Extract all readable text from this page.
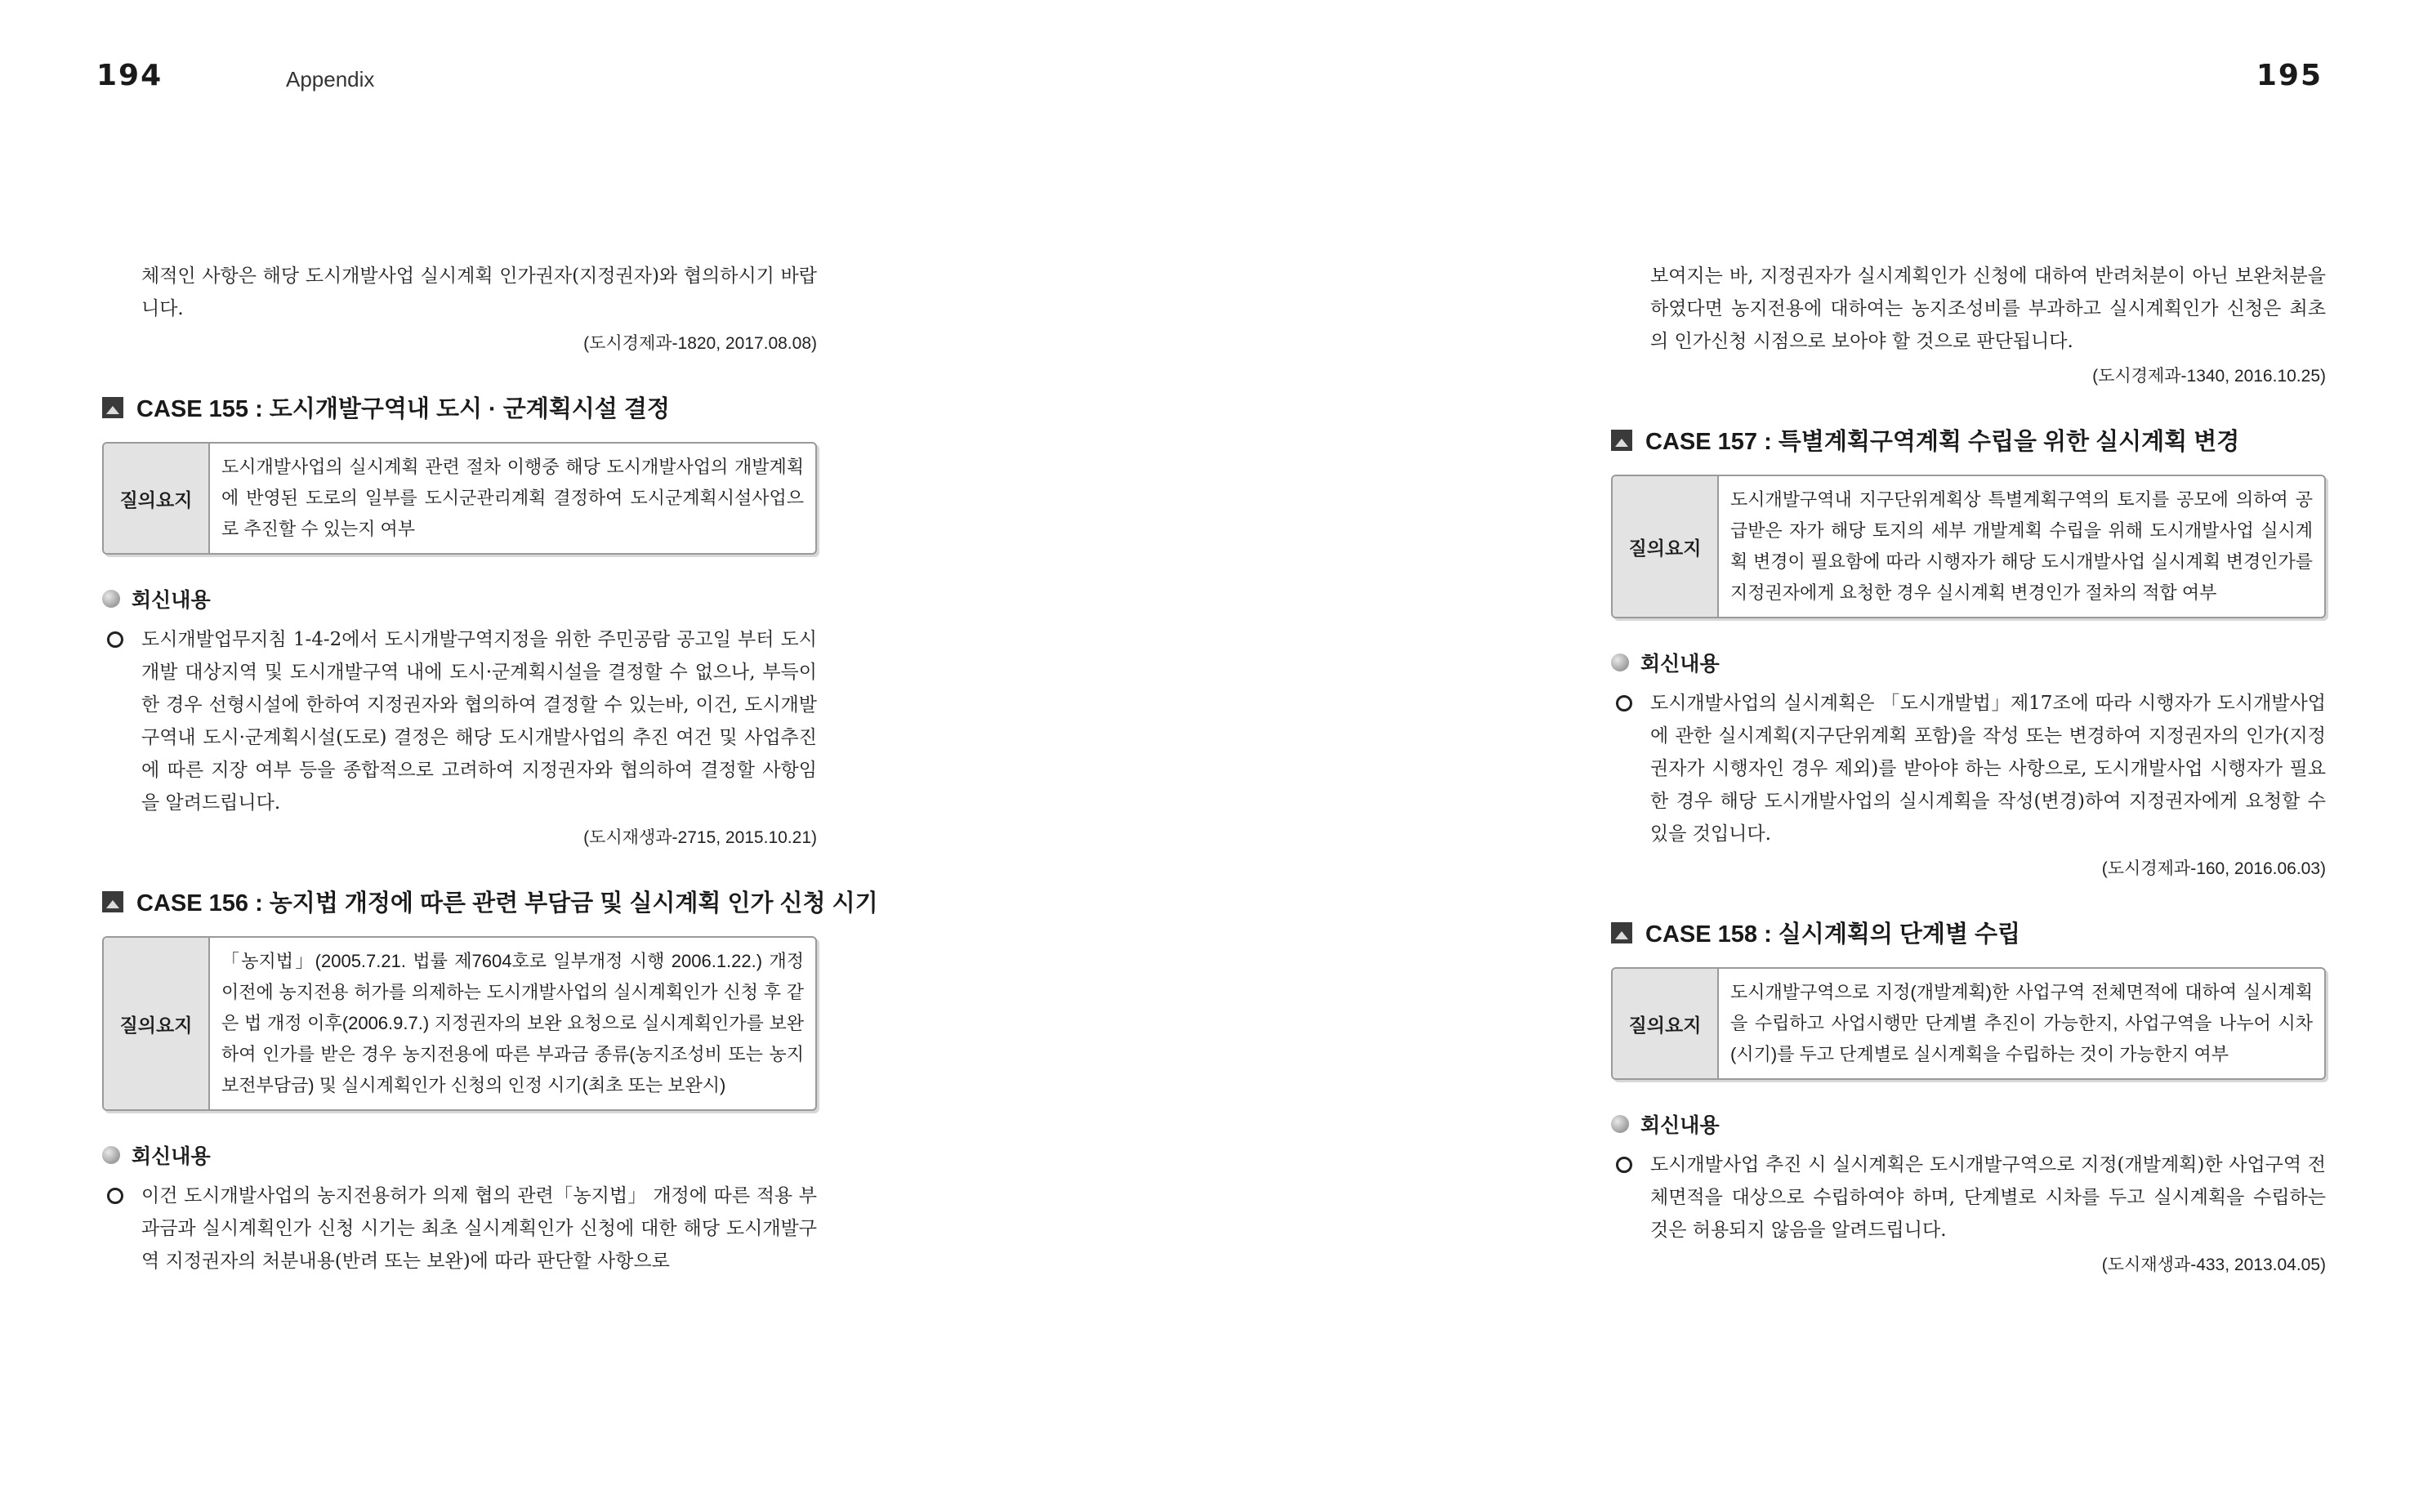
194	Appendix

체적인 사항은 해당 도시개발사업 실시계획 인가권자(지정권자)와 협의하시기 바랍니다.

(도시경제과-1820, 2017.08.08)

CASE 155 : 도시개발구역내 도시 · 군계획시설 결정
질의요지
도시개발사업의 실시계획 관련 절차 이행중 해당 도시개발사업의 개발계획에 반영된 도로의 일부를 도시군관리계획 결정하여 도시군계획시설사업으로 추진할 수 있는지 여부
회신내용
도시개발업무지침 1-4-2에서 도시개발구역지정을 위한 주민공람 공고일 부터 도시개발 대상지역 및 도시개발구역 내에 도시·군계획시설을 결정할 수 없으나, 부득이한 경우 선형시설에 한하여 지정권자와 협의하여 결정할 수 있는바, 이건, 도시개발구역내 도시·군계획시설(도로) 결정은 해당 도시개발사업의 추진 여건 및 사업추진에 따른 지장 여부 등을 종합적으로 고려하여 지정권자와 협의하여 결정할 사항임을 알려드립니다.

(도시재생과-2715, 2015.10.21)

CASE 156 : 농지법 개정에 따른 관련 부담금 및 실시계획 인가 신청 시기
질의요지
「농지법」(2005.7.21. 법률 제7604호로 일부개정 시행 2006.1.22.) 개정 이전에 농지전용 허가를 의제하는 도시개발사업의 실시계획인가 신청 후 같은 법 개정 이후(2006.9.7.) 지정권자의 보완 요청으로 실시계획인가를 보완하여 인가를 받은 경우 농지전용에 따른 부과금 종류(농지조성비 또는 농지보전부담금) 및 실시계획인가 신청의 인정 시기(최초 또는 보완시)
회신내용
이건 도시개발사업의 농지전용허가 의제 협의 관련「농지법」 개정에 따른 적용 부과금과 실시계획인가 신청 시기는 최초 실시계획인가 신청에 대한 해당 도시개발구역 지정권자의 처분내용(반려 또는 보완)에 따라 판단할 사항으로
195

보여지는 바, 지정권자가 실시계획인가 신청에 대하여 반려처분이 아닌 보완처분을 하였다면 농지전용에 대하여는 농지조성비를 부과하고 실시계획인가 신청은 최초의 인가신청 시점으로 보아야 할 것으로 판단됩니다.

(도시경제과-1340, 2016.10.25)

CASE 157 : 특별계획구역계획 수립을 위한 실시계획 변경
질의요지
도시개발구역내 지구단위계획상 특별계획구역의 토지를 공모에 의하여 공급받은 자가 해당 토지의 세부 개발계획 수립을 위해 도시개발사업 실시계획 변경이 필요함에 따라 시행자가 해당 도시개발사업 실시계획 변경인가를 지정권자에게 요청한 경우 실시계획 변경인가 절차의 적합 여부
회신내용
도시개발사업의 실시계획은 「도시개발법」제17조에 따라 시행자가 도시개발사업에 관한 실시계획(지구단위계획 포함)을 작성 또는 변경하여 지정권자의 인가(지정권자가 시행자인 경우 제외)를 받아야 하는 사항으로, 도시개발사업 시행자가 필요한 경우 해당 도시개발사업의 실시계획을 작성(변경)하여 지정권자에게 요청할 수 있을 것입니다.

(도시경제과-160, 2016.06.03)

CASE 158 : 실시계획의 단계별 수립
질의요지
도시개발구역으로 지정(개발계획)한 사업구역 전체면적에 대하여 실시계획을 수립하고 사업시행만 단계별 추진이 가능한지, 사업구역을 나누어 시차(시기)를 두고 단계별로 실시계획을 수립하는 것이 가능한지 여부
회신내용
도시개발사업 추진 시 실시계획은 도시개발구역으로 지정(개발계획)한 사업구역 전체면적을 대상으로 수립하여야 하며, 단계별로 시차를 두고 실시계획을 수립하는 것은 허용되지 않음을 알려드립니다.

(도시재생과-433, 2013.04.05)
